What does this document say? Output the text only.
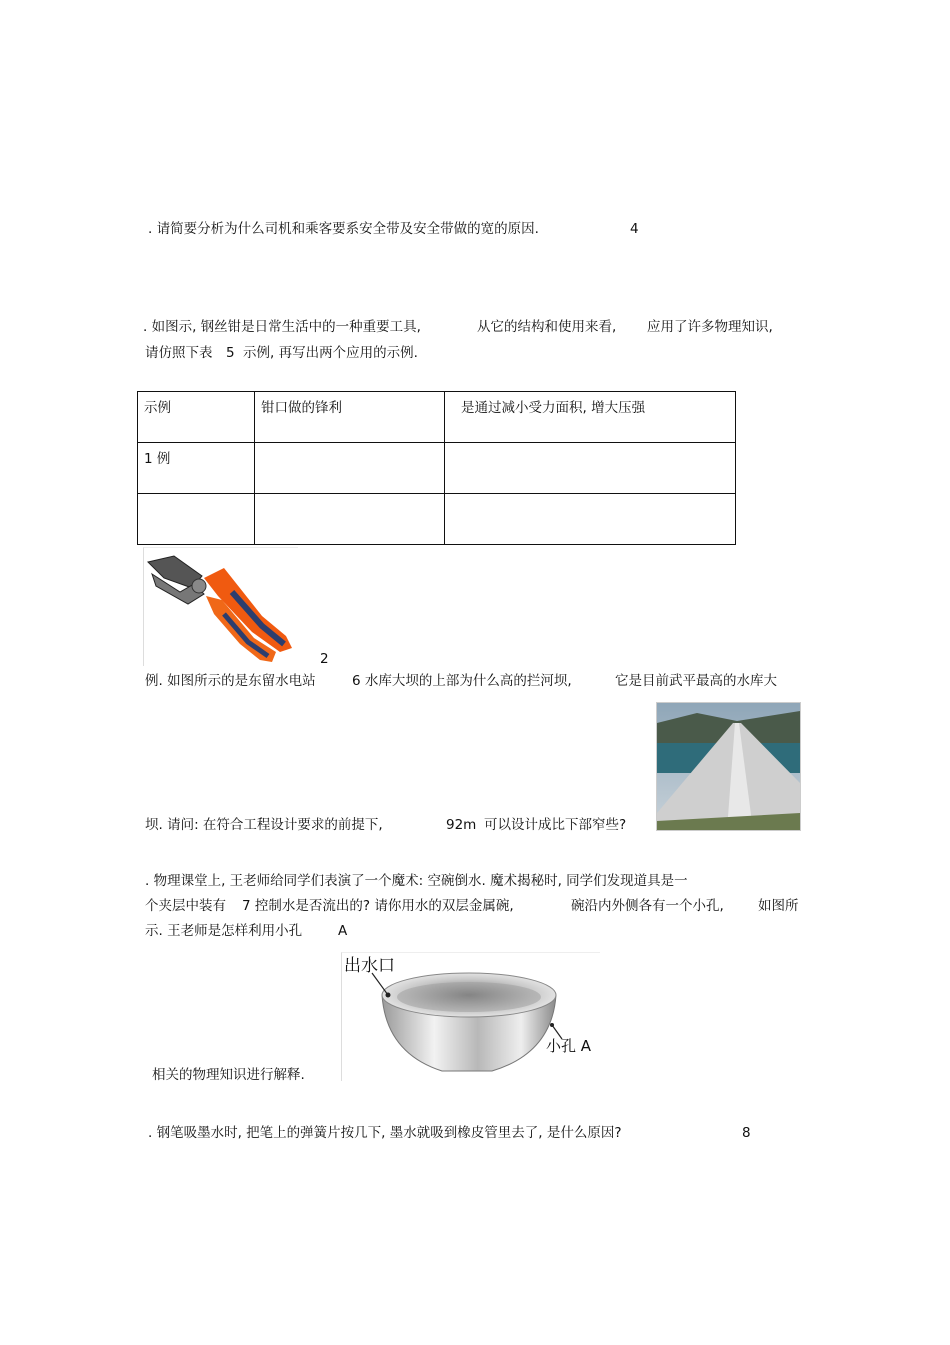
. 请简要分析为什么司机和乘客要系安全带及安全带做的宽的原因.	4
. 如图示, 钢丝钳是日常生活中的一种重要工具,	从它的结构和使用来看, 应用了许多物理知识,
请仿照下表 5 示例, 再写出两个应用的示例.
示例	钳口做的锋利	是通过减小受力面积, 增大压强
1 例		

2
例. 如图所示的是东留水电站	6 水库大坝的上部为什么高的拦河坝,	它是目前武平最高的水库大
坝. 请问: 在符合工程设计要求的前提下,	92m 可以设计成比下部窄些?
. 物理课堂上, 王老师给同学们表演了一个魔术: 空碗倒水. 魔术揭秘时, 同学们发现道具是一
个夹层中装有 7 控制水是否流出的? 请你用水的双层金属碗,	碗沿内外侧各有一个小孔,	如图所
示. 王老师是怎样利用小孔	A
出水口
小孔 A
相关的物理知识进行解释.
. 钢笔吸墨水时, 把笔上的弹簧片按几下, 墨水就吸到橡皮管里去了, 是什么原因?	8
